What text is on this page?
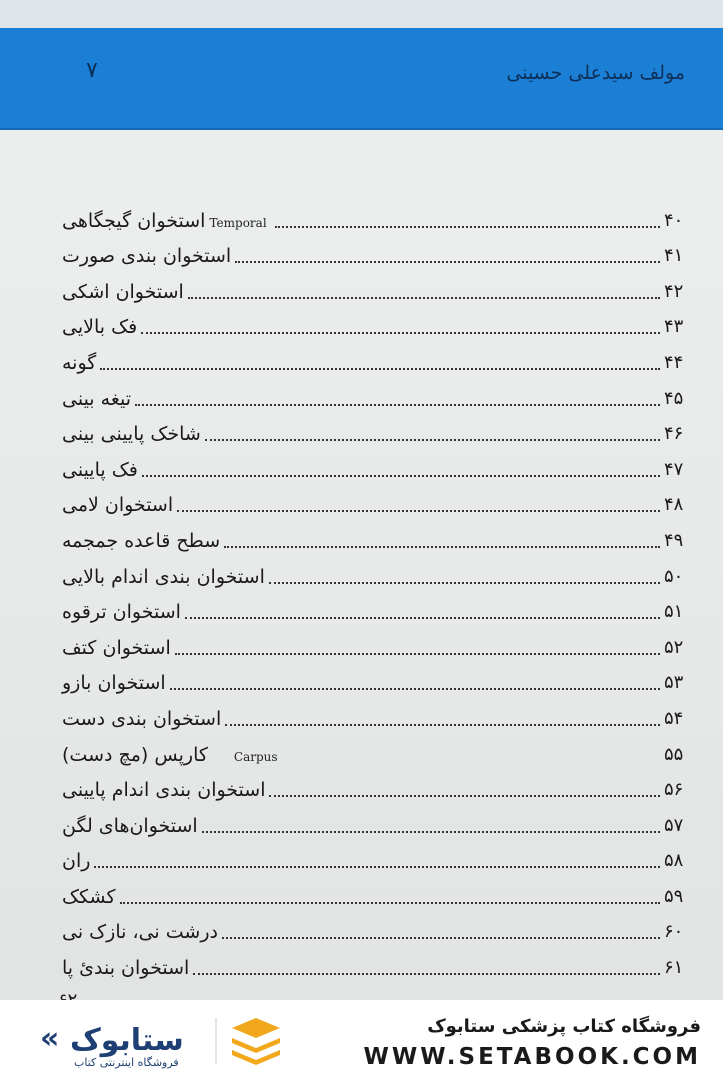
مولف سیدعلی حسینی
۷
استخوان گیجگاهی Temporal	۴۰
استخوان بندی صورت	۴۱
استخوان اشکی	۴۲
فک بالایی	۴۳
گونه	۴۴
تیغه بینی	۴۵
شاخک پایینی بینی	۴۶
فک پایینی	۴۷
استخوان لامی	۴۸
سطح قاعده جمجمه	۴۹
استخوان بندی اندام بالایی	۵۰
استخوان ترقوه	۵۱
استخوان کتف	۵۲
استخوان بازو	۵۳
استخوان بندی دست	۵۴
کارپس (مچ دست)	Carpus	۵۵
استخوان بندی اندام پایینی	۵۶
استخوان‌های لگن	۵۷
ران	۵۸
کشکک	۵۹
درشت نی، نازک نی	۶۰
استخوان بندئ پا	۶۱
« ستابوک
فروشگاه اینترنتی کتاب
فروشگاه کتاب پزشکی ستابوک
WWW.SETABOOK.COM
